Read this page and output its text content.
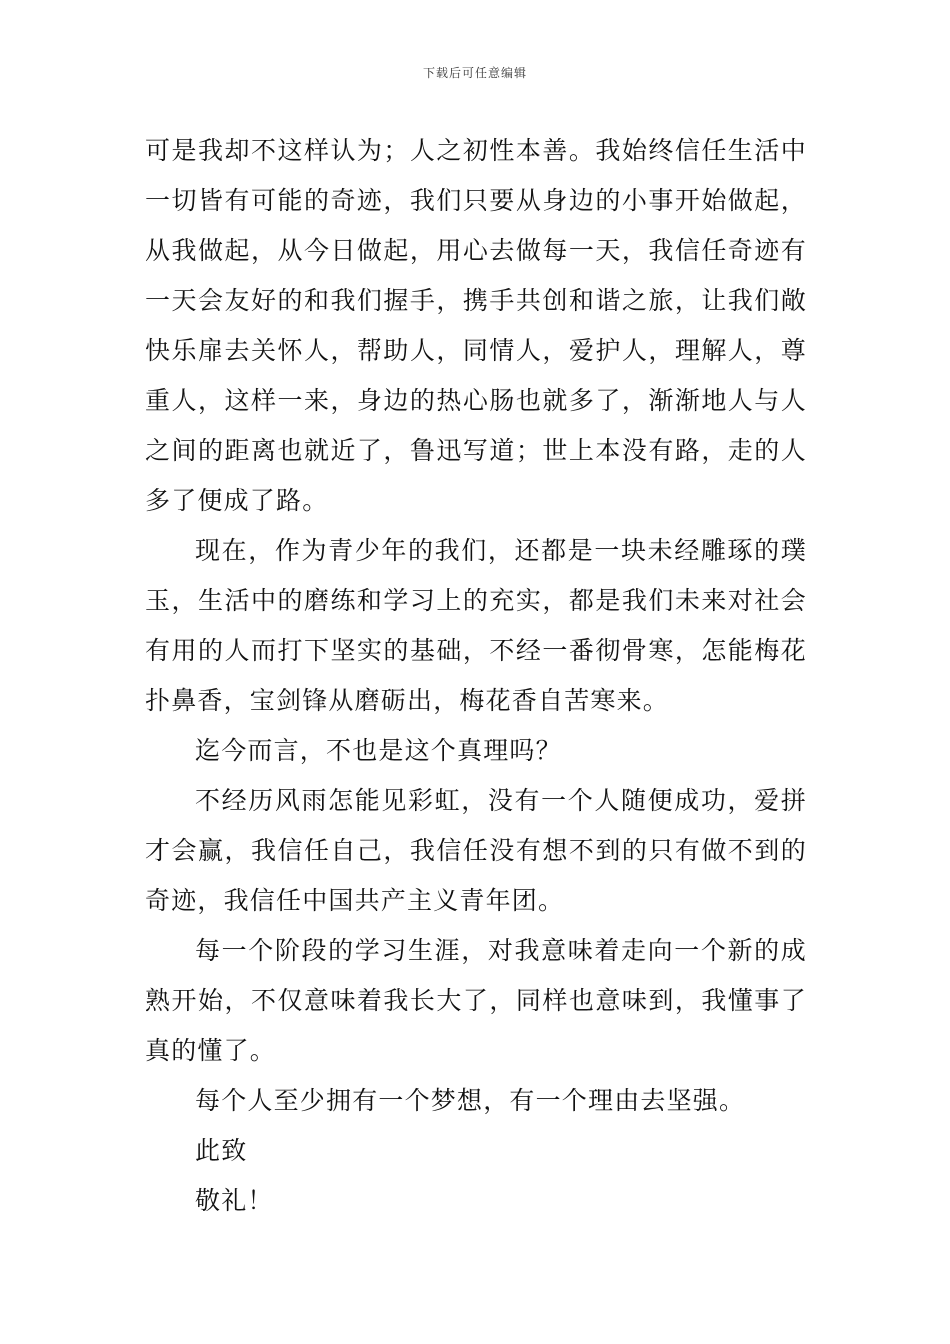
下载后可任意编辑

可是我却不这样认为；人之初性本善。我始终信任生活中一切皆有可能的奇迹，我们只要从身边的小事开始做起，从我做起，从今日做起，用心去做每一天，我信任奇迹有一天会友好的和我们握手，携手共创和谐之旅，让我们敞快乐扉去关怀人，帮助人，同情人，爱护人，理解人，尊重人，这样一来，身边的热心肠也就多了，渐渐地人与人之间的距离也就近了，鲁迅写道；世上本没有路，走的人多了便成了路。

现在，作为青少年的我们，还都是一块未经雕琢的璞玉，生活中的磨练和学习上的充实，都是我们未来对社会有用的人而打下坚实的基础，不经一番彻骨寒，怎能梅花扑鼻香，宝剑锋从磨砺出，梅花香自苦寒来。

迄今而言，不也是这个真理吗？

不经历风雨怎能见彩虹，没有一个人随便成功，爱拼才会赢，我信任自己，我信任没有想不到的只有做不到的奇迹，我信任中国共产主义青年团。

每一个阶段的学习生涯，对我意味着走向一个新的成熟开始，不仅意味着我长大了，同样也意味到，我懂事了真的懂了。

每个人至少拥有一个梦想，有一个理由去坚强。

此致

敬礼！
